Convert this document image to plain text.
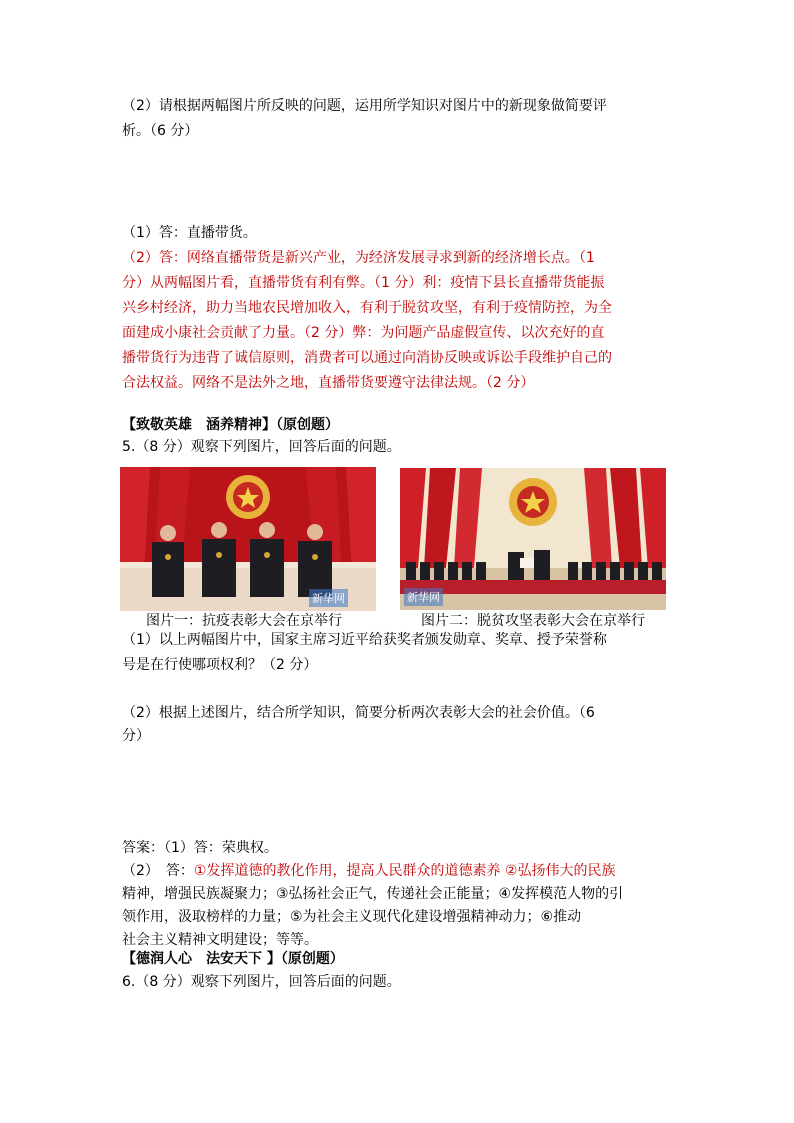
（2）请根据两幅图片所反映的问题，运用所学知识对图片中的新现象做简要评
析。（6 分）
（1）答：直播带货。
（2）答：网络直播带货是新兴产业，为经济发展寻求到新的经济增长点。（1
分）从两幅图片看，直播带货有利有弊。（1 分）利：疫情下县长直播带货能振
兴乡村经济，助力当地农民增加收入，有利于脱贫攻坚，有利于疫情防控，为全
面建成小康社会贡献了力量。（2 分）弊：为问题产品虚假宣传、以次充好的直
播带货行为违背了诚信原则，消费者可以通过向消协反映或诉讼手段维护自己的
合法权益。网络不是法外之地，直播带货要遵守法律法规。（2 分）
【致敬英雄　涵养精神】（原创题）
5.（8 分）观察下列图片，回答后面的问题。
新华网	新华网
图片一：抗疫表彰大会在京举行	图片二：脱贫攻坚表彰大会在京举行
（1）以上两幅图片中，国家主席习近平给获奖者颁发勋章、奖章、授予荣誉称
号是在行使哪项权利？（2 分）
（2）根据上述图片，结合所学知识，简要分析两次表彰大会的社会价值。（6
分）
答案：（1）答：荣典权。
（2）　答：①发挥道德的教化作用，提高人民群众的道德素养 ②弘扬伟大的民族
精神，增强民族凝聚力；③弘扬社会正气，传递社会正能量；④发挥模范人物的引
领作用，汲取榜样的力量；⑤为社会主义现代化建设增强精神动力；⑥推动
社会主义精神文明建设；等等。
【德润人心　法安天下 】（原创题）
6.（8 分）观察下列图片，回答后面的问题。
